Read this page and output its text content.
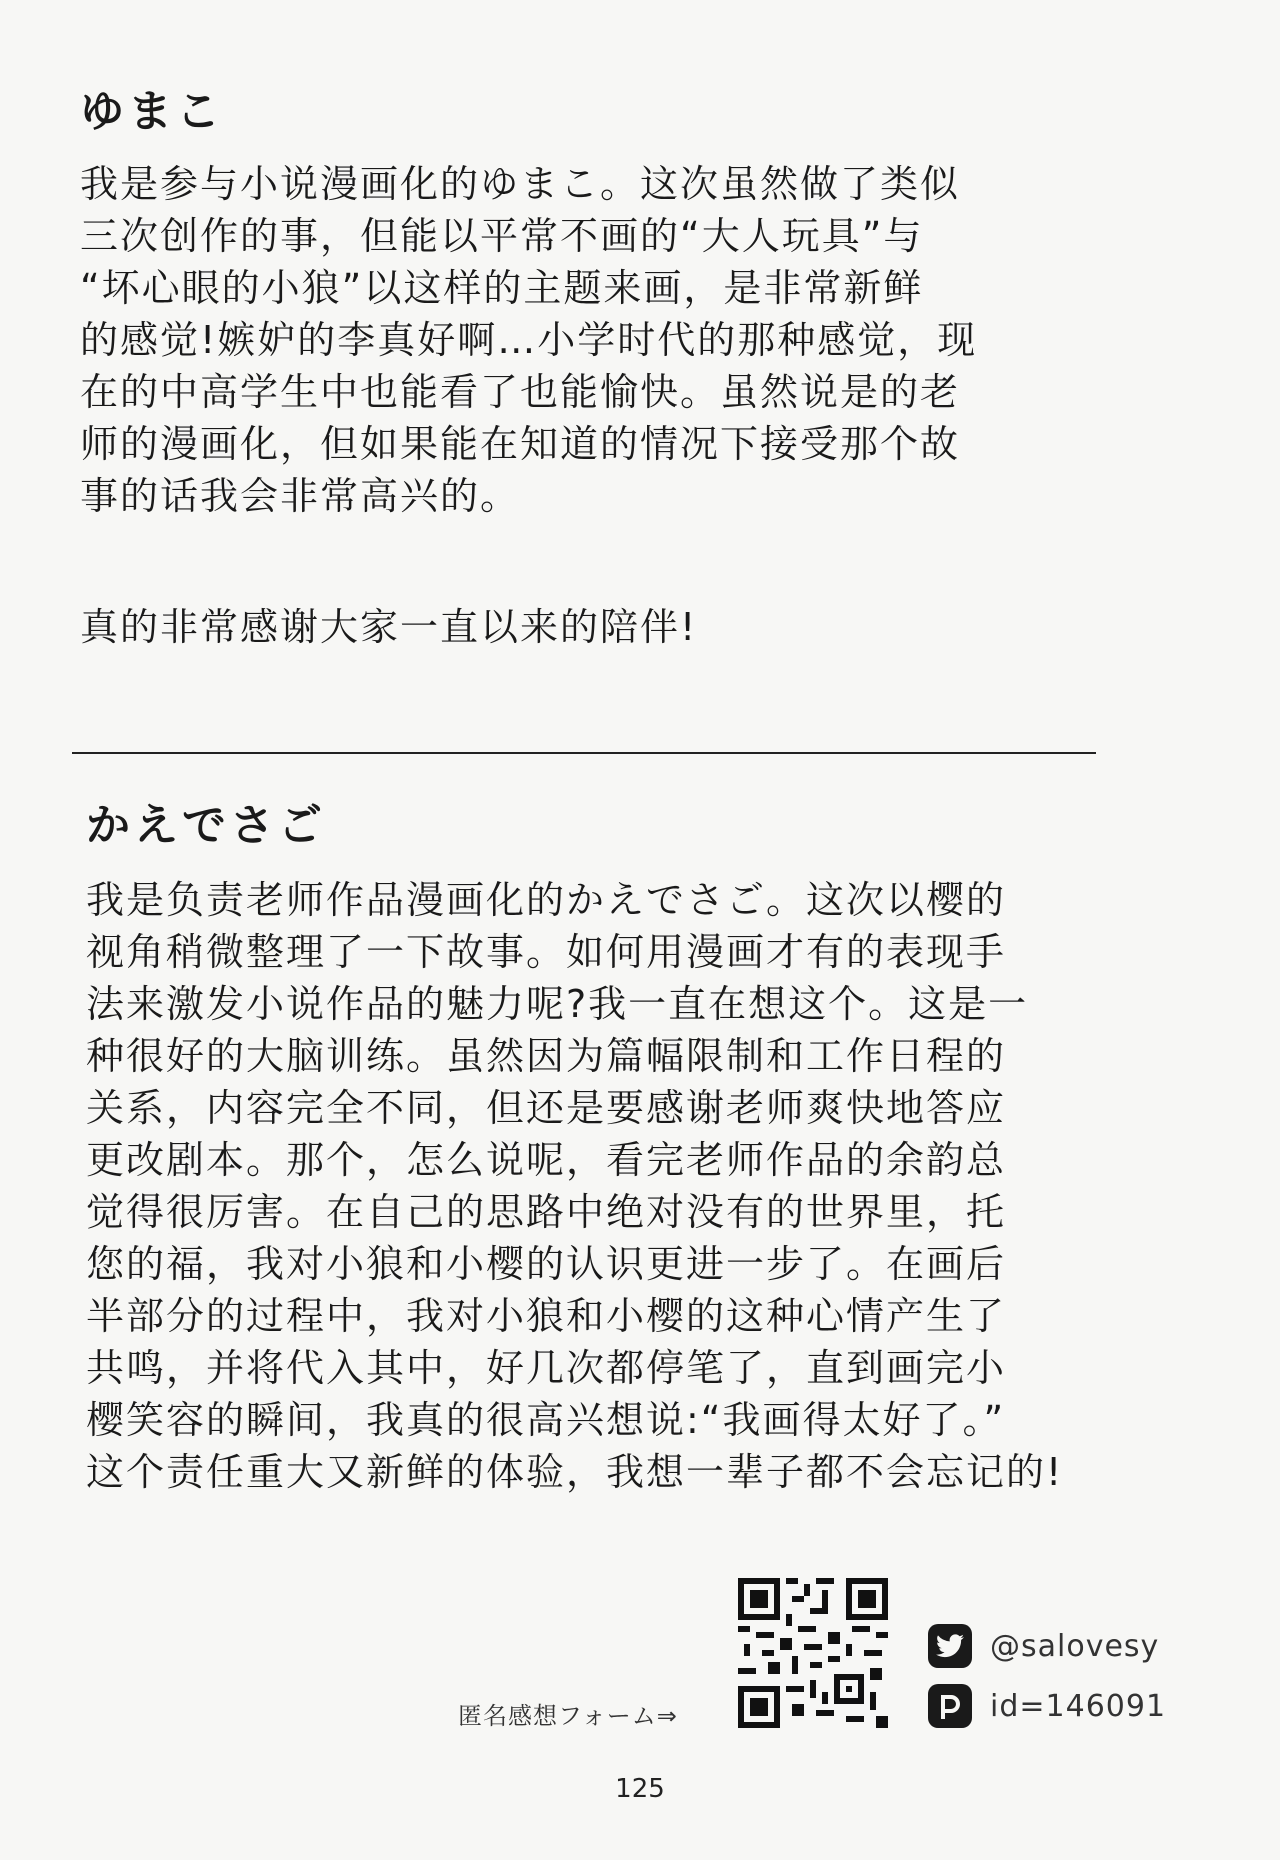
ゆまこ
我是参与小说漫画化的ゆまこ。这次虽然做了类似
三次创作的事，但能以平常不画的“大人玩具”与
“坏心眼的小狼”以这样的主题来画，是非常新鲜
的感觉!嫉妒的李真好啊…小学时代的那种感觉，现
在的中高学生中也能看了也能愉快。虽然说是的老
师的漫画化，但如果能在知道的情况下接受那个故
事的话我会非常高兴的。
真的非常感谢大家一直以来的陪伴!
かえでさご
我是负责老师作品漫画化的かえでさご。这次以樱的
视角稍微整理了一下故事。如何用漫画才有的表现手
法来激发小说作品的魅力呢?我一直在想这个。这是一
种很好的大脑训练。虽然因为篇幅限制和工作日程的
关系，内容完全不同，但还是要感谢老师爽快地答应
更改剧本。那个，怎么说呢，看完老师作品的余韵总
觉得很厉害。在自己的思路中绝对没有的世界里，托
您的福，我对小狼和小樱的认识更进一步了。在画后
半部分的过程中，我对小狼和小樱的这种心情产生了
共鸣，并将代入其中，好几次都停笔了，直到画完小
樱笑容的瞬间，我真的很高兴想说:“我画得太好了。”
这个责任重大又新鲜的体验，我想一辈子都不会忘记的!
匿名感想フォーム⇒
@salovesy
id=146091
125
